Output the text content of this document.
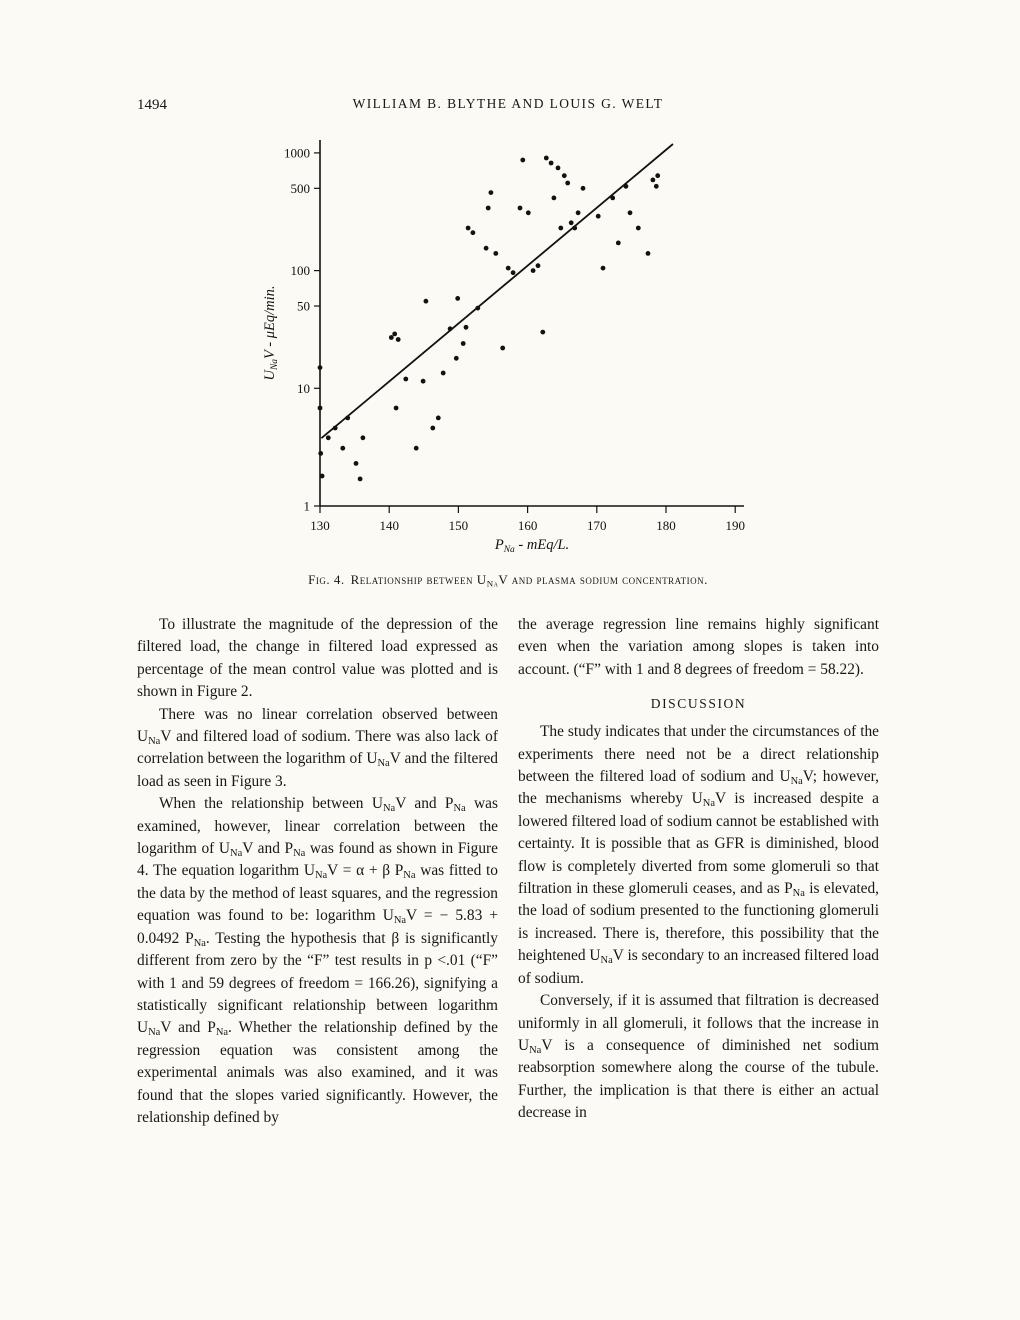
1494	WILLIAM B. BLYTHE AND LOUIS G. WELT
1000
500
100
50
10
1
130	140	150	160	170	180	190
$P_{Na} - mEq/L$.
$U_{Na}V - \mu Eq/\min$.
Fig. 4. Relationship between $U_{Na}V$ and plasma sodium concentration.

To illustrate the magnitude of the depression of the filtered load, the change in filtered load expressed as percentage of the mean control value was plotted and is shown in Figure 2.

There was no linear correlation observed between $U_{Na}V$ and filtered load of sodium. There was also lack of correlation between the logarithm of $U_{Na}V$ and the filtered load as seen in Figure 3.

When the relationship between $U_{Na}V$ and $P_{Na}$ was examined, however, linear correlation between the logarithm of $U_{Na}V$ and $P_{Na}$ was found as shown in Figure 4. The equation logarithm $U_{Na}V = \alpha + \beta$ $P_{Na}$ was fitted to the data by the method of least squares, and the regression equation was found to be: logarithm $U_{Na}V$ = − 5.83 + 0.0492 $P_{Na}$. Testing the hypothesis that β is significantly different from zero by the “F” test results in p <.01 (“F” with 1 and 59 degrees of freedom = 166.26), signifying a statistically significant relationship between logarithm $U_{Na}V$ and $P_{Na}$. Whether the relationship defined by the regression equation was consistent among the experimental animals was also examined, and it was found that the slopes varied significantly. However, the relationship defined by

the average regression line remains highly significant even when the variation among slopes is taken into account. (“F” with 1 and 8 degrees of freedom = 58.22).

DISCUSSION

The study indicates that under the circumstances of the experiments there need not be a direct relationship between the filtered load of sodium and $U_{Na}V$; however, the mechanisms whereby $U_{Na}V$ is increased despite a lowered filtered load of sodium cannot be established with certainty. It is possible that as GFR is diminished, blood flow is completely diverted from some glomeruli so that filtration in these glomeruli ceases, and as $P_{Na}$ is elevated, the load of sodium presented to the functioning glomeruli is increased. There is, therefore, this possibility that the heightened $U_{Na}V$ is secondary to an increased filtered load of sodium.

Conversely, if it is assumed that filtration is decreased uniformly in all glomeruli, it follows that the increase in $U_{Na}V$ is a consequence of diminished net sodium reabsorption somewhere along the course of the tubule. Further, the implication is that there is either an actual decrease in
